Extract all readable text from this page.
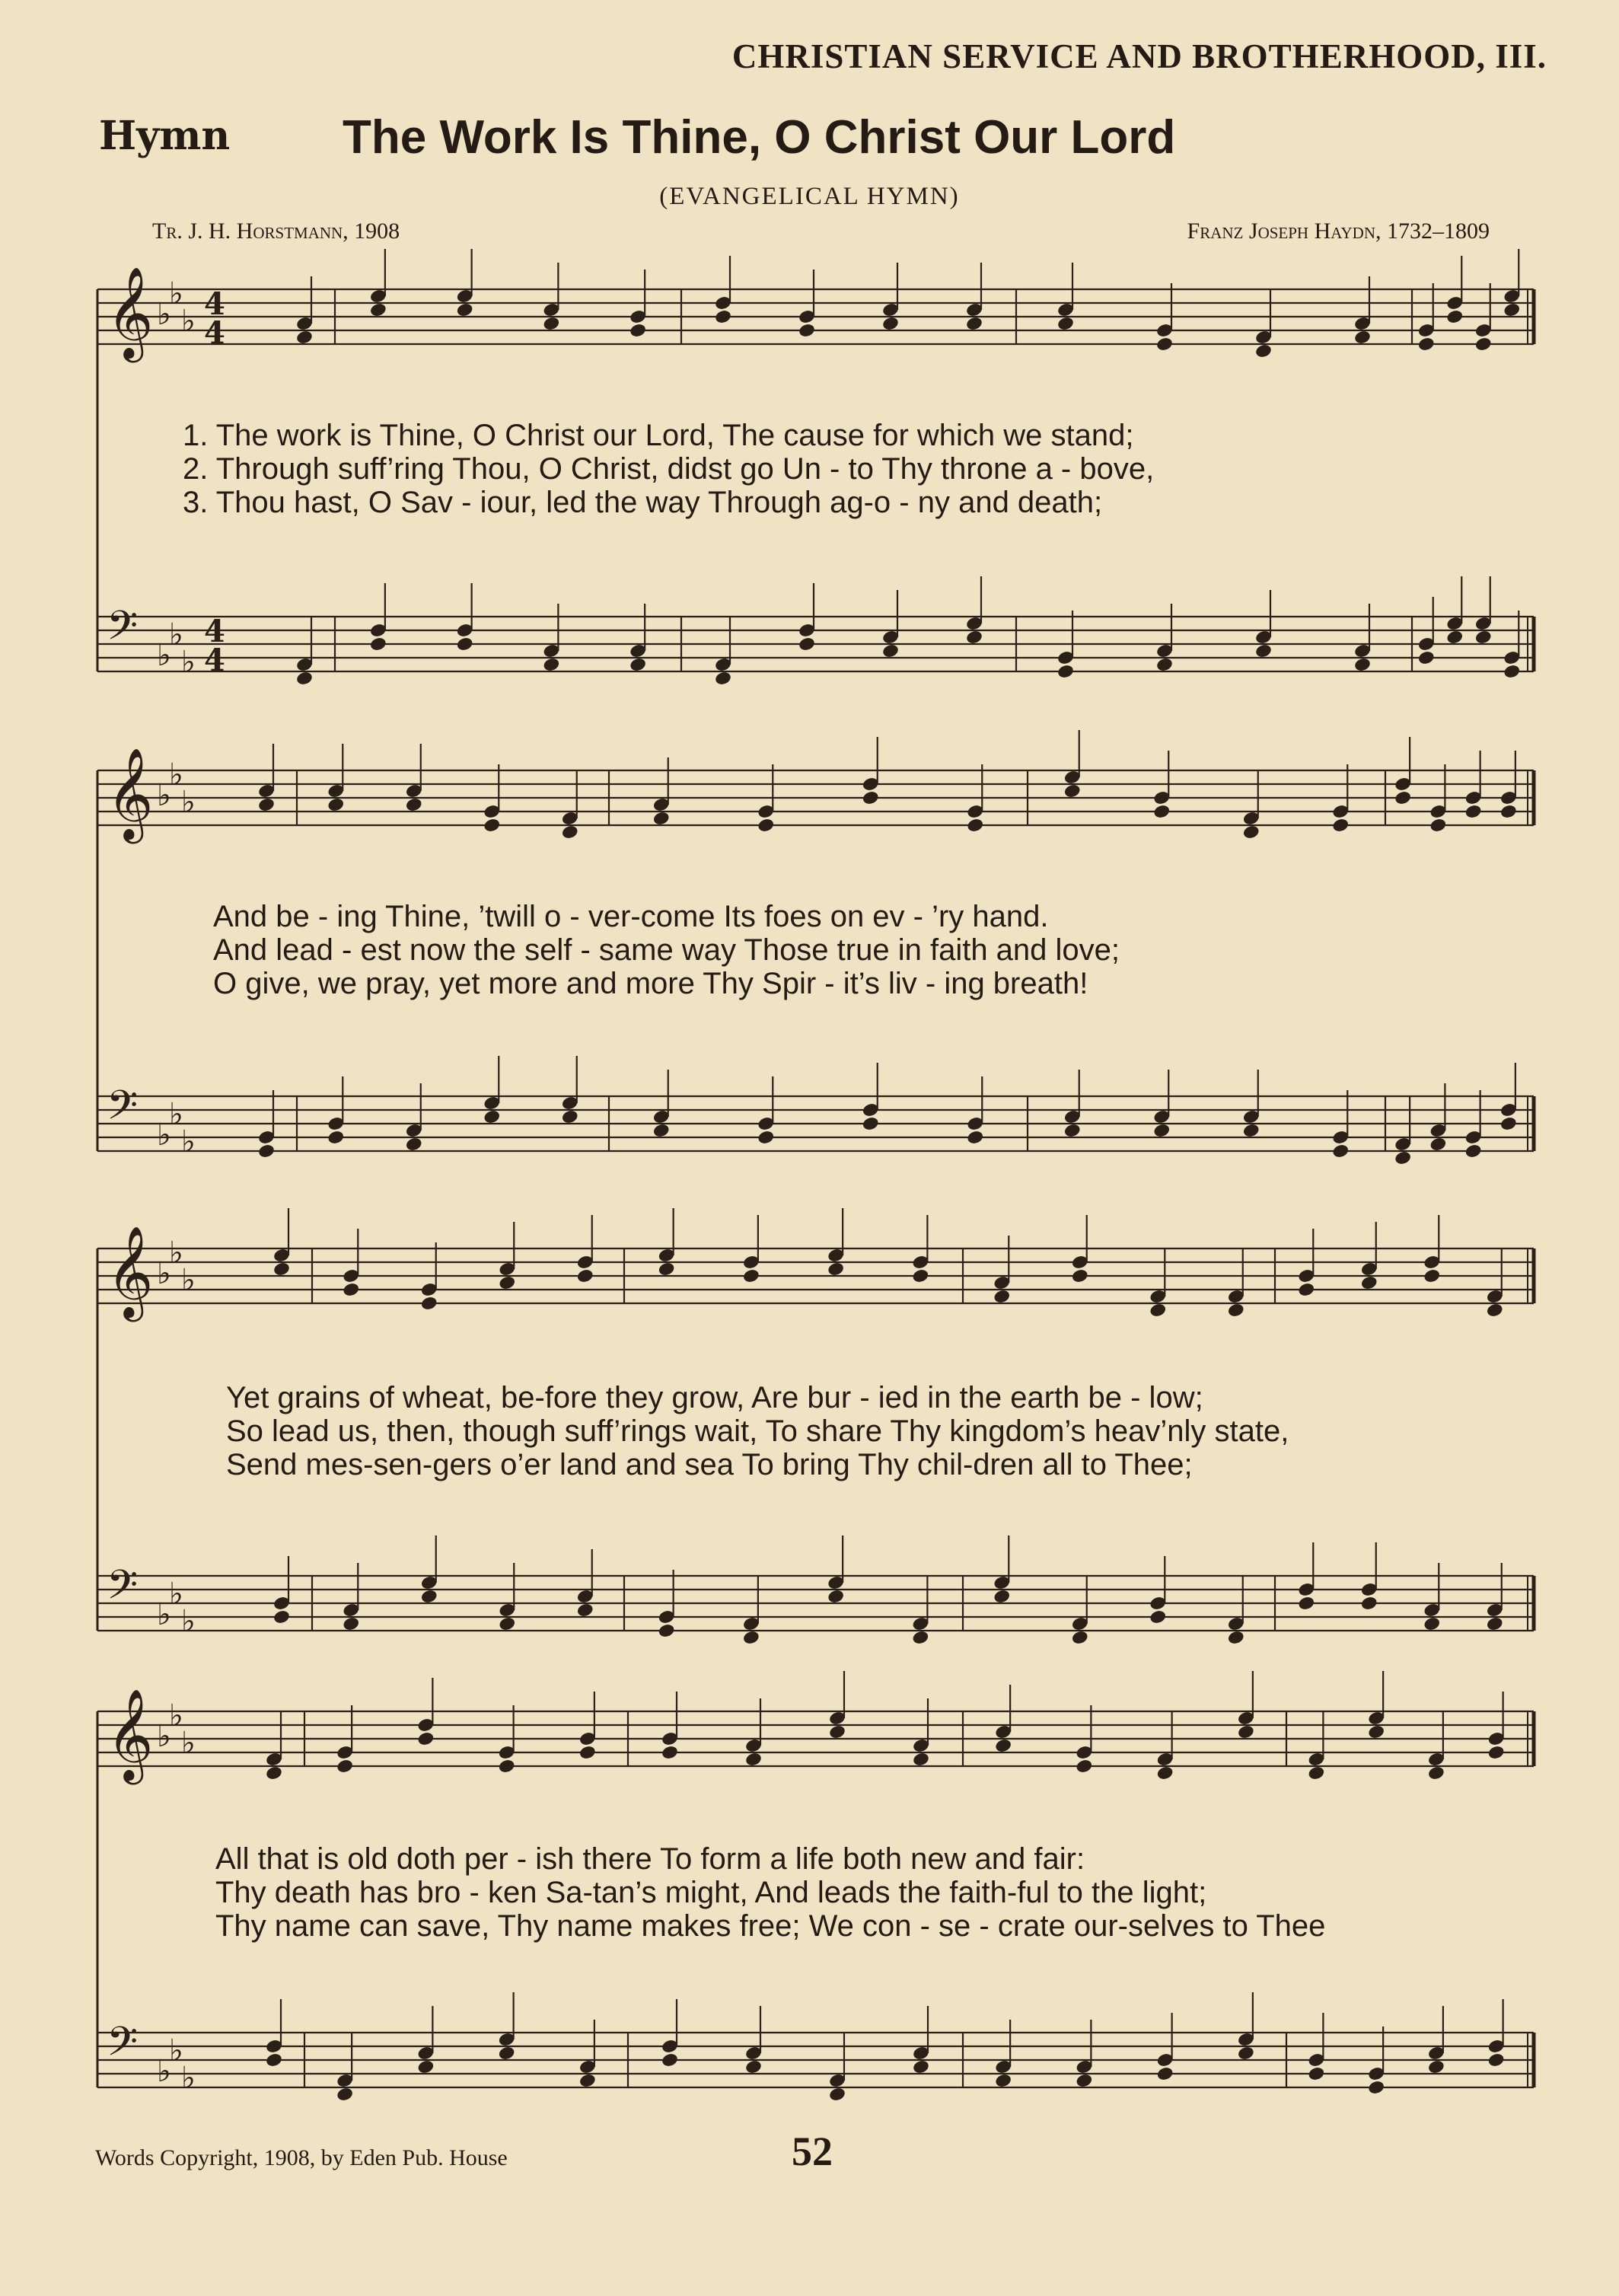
CHRISTIAN SERVICE AND BROTHERHOOD, III.
Hymn The Work Is Thine, O Christ Our Lord
(EVANGELICAL HYMN)
Tr. J. H. Horstmann, 1908	Franz Joseph Haydn, 1732–1809
𝄞 ♭
♭
♭ 4
4
𝄢 ♭
♭
♭
4
4
𝄞 ♭
♭
♭
𝄢 ♭
♭
♭
𝄞 ♭
♭
♭
𝄢 ♭
♭
♭
𝄞 ♭
♭
♭
𝄢 ♭
♭
♭
1. The work is Thine, O Christ our Lord, The cause for which we stand;
2. Through suff’ring Thou, O Christ, didst go Un - to Thy throne a - bove,
3. Thou hast, O Sav - iour, led the way Through ag-o - ny and death;
And be - ing Thine, ’twill o - ver-come Its foes on ev - ’ry hand.
And lead - est now the self - same way Those true in faith and love;
O give, we pray, yet more and more Thy Spir - it’s liv - ing breath!
Yet grains of wheat, be-fore they grow, Are bur - ied in the earth be - low;
So lead us, then, though suff’rings wait, To share Thy kingdom’s heav’nly state,
Send mes-sen-gers o’er land and sea To bring Thy chil-dren all to Thee;
All that is old doth per - ish there To form a life both new and fair:
Thy death has bro - ken Sa-tan’s might, And leads the faith-ful to the light;
Thy name can save, Thy name makes free; We con - se - crate our-selves to Thee
Words Copyright, 1908, by Eden Pub. House	52
